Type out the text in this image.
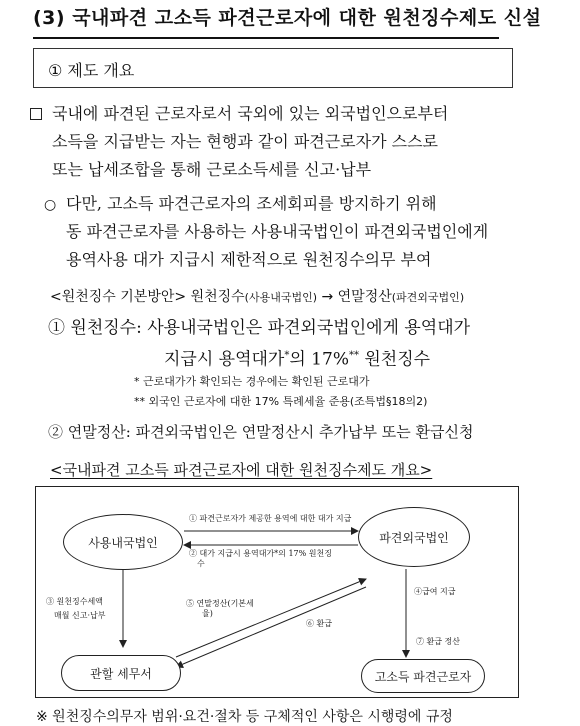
(3) 국내파견 고소득 파견근로자에 대한 원천징수제도 신설
① 제도 개요
국내에 파견된 근로자로서 국외에 있는 외국법인으로부터
소득을 지급받는 자는 현행과 같이 파견근로자가 스스로
또는 납세조합을 통해 근로소득세를 신고·납부
○ 다만, 고소득 파견근로자의 조세회피를 방지하기 위해
동 파견근로자를 사용하는 사용내국법인이 파견외국법인에게
용역사용 대가 지급시 제한적으로 원천징수의무 부여
<원천징수 기본방안> 원천징수(사용내국법인) → 연말정산(파견외국법인)
① 원천징수: 사용내국법인은 파견외국법인에게 용역대가
지급시 용역대가*의 17%** 원천징수
* 근로대가가 확인되는 경우에는 확인된 근로대가
** 외국인 근로자에 대한 17% 특례세율 준용(조특법§18의2)
② 연말정산: 파견외국법인은 연말정산시 추가납부 또는 환급신청
<국내파견 고소득 파견근로자에 대한 원천징수제도 개요>
사용내국법인	파견외국법인
관할 세무서	고소득 파견근로자
① 파견근로자가 제공한 용역에 대한 대가 지급
② 대가 지급시 용역대가*의 17% 원천징
수
③ 원천징수세액
매월 신고·납부
④급여 지급
⑤ 연말정산(기본세
율)
⑥ 환급
⑦ 환급 정산
※ 원천징수의무자 범위·요건·절차 등 구체적인 사항은 시행령에 규정
